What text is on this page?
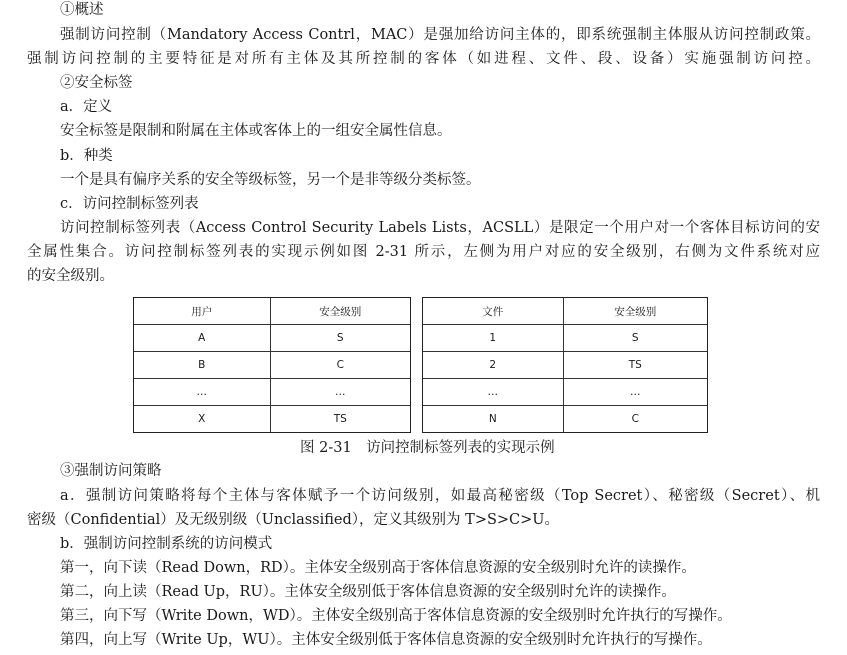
①概述
强制访问控制（Mandatory Access Contrl，MAC）是强加给访问主体的，即系统强制主体服从访问控制政策。
强制访问控制的主要特征是对所有主体及其所控制的客体（如进程、文件、段、设备）实施强制访问控。
②安全标签
a．定义
安全标签是限制和附属在主体或客体上的一组安全属性信息。
b．种类
一个是具有偏序关系的安全等级标签，另一个是非等级分类标签。
c．访问控制标签列表
访问控制标签列表（Access Control Security Labels Lists，ACSLL）是限定一个用户对一个客体目标访问的安
全属性集合。访问控制标签列表的实现示例如图 2-31 所示，左侧为用户对应的安全级别，右侧为文件系统对应
的安全级别。
用户	安全级别
A	S
B	C
…	…
X	TS
文件	安全级别
1	S
2	TS
…	…
N	C
图 2-31　访问控制标签列表的实现示例
③强制访问策略
a．强制访问策略将每个主体与客体赋予一个访问级别，如最高秘密级（Top Secret）、秘密级（Secret）、机
密级（Confidential）及无级别级（Unclassified），定义其级别为 T>S>C>U。
b．强制访问控制系统的访问模式
第一，向下读（Read Down，RD）。主体安全级别高于客体信息资源的安全级别时允许的读操作。
第二，向上读（Read Up，RU）。主体安全级别低于客体信息资源的安全级别时允许的读操作。
第三，向下写（Write Down，WD）。主体安全级别高于客体信息资源的安全级别时允许执行的写操作。
第四，向上写（Write Up，WU）。主体安全级别低于客体信息资源的安全级别时允许执行的写操作。
